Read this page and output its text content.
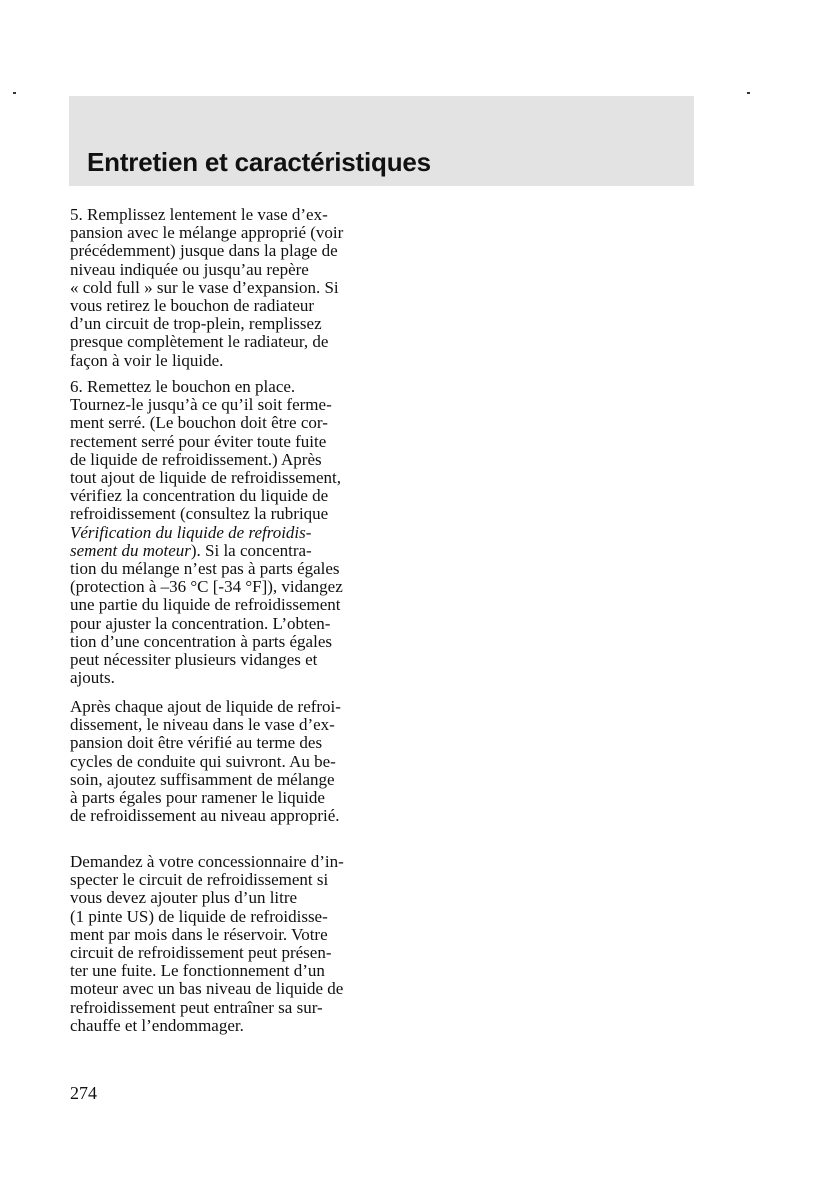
Entretien et caractéristiques

5. Remplissez lentement le vase d’ex-
pansion avec le mélange approprié (voir
précédemment) jusque dans la plage de
niveau indiquée ou jusqu’au repère
« cold full » sur le vase d’expansion. Si
vous retirez le bouchon de radiateur
d’un circuit de trop-plein, remplissez
presque complètement le radiateur, de
façon à voir le liquide.

6. Remettez le bouchon en place.
Tournez-le jusqu’à ce qu’il soit ferme-
ment serré. (Le bouchon doit être cor-
rectement serré pour éviter toute fuite
de liquide de refroidissement.) Après
tout ajout de liquide de refroidissement,
vérifiez la concentration du liquide de
refroidissement (consultez la rubrique
Vérification du liquide de refroidis-
sement du moteur). Si la concentra-
tion du mélange n’est pas à parts égales
(protection à –36 °C [-34 °F]), vidangez
une partie du liquide de refroidissement
pour ajuster la concentration. L’obten-
tion d’une concentration à parts égales
peut nécessiter plusieurs vidanges et
ajouts.

Après chaque ajout de liquide de refroi-
dissement, le niveau dans le vase d’ex-
pansion doit être vérifié au terme des
cycles de conduite qui suivront. Au be-
soin, ajoutez suffisamment de mélange
à parts égales pour ramener le liquide
de refroidissement au niveau approprié.

Demandez à votre concessionnaire d’in-
specter le circuit de refroidissement si
vous devez ajouter plus d’un litre
(1 pinte US) de liquide de refroidisse-
ment par mois dans le réservoir. Votre
circuit de refroidissement peut présen-
ter une fuite. Le fonctionnement d’un
moteur avec un bas niveau de liquide de
refroidissement peut entraîner sa sur-
chauffe et l’endommager.

274
